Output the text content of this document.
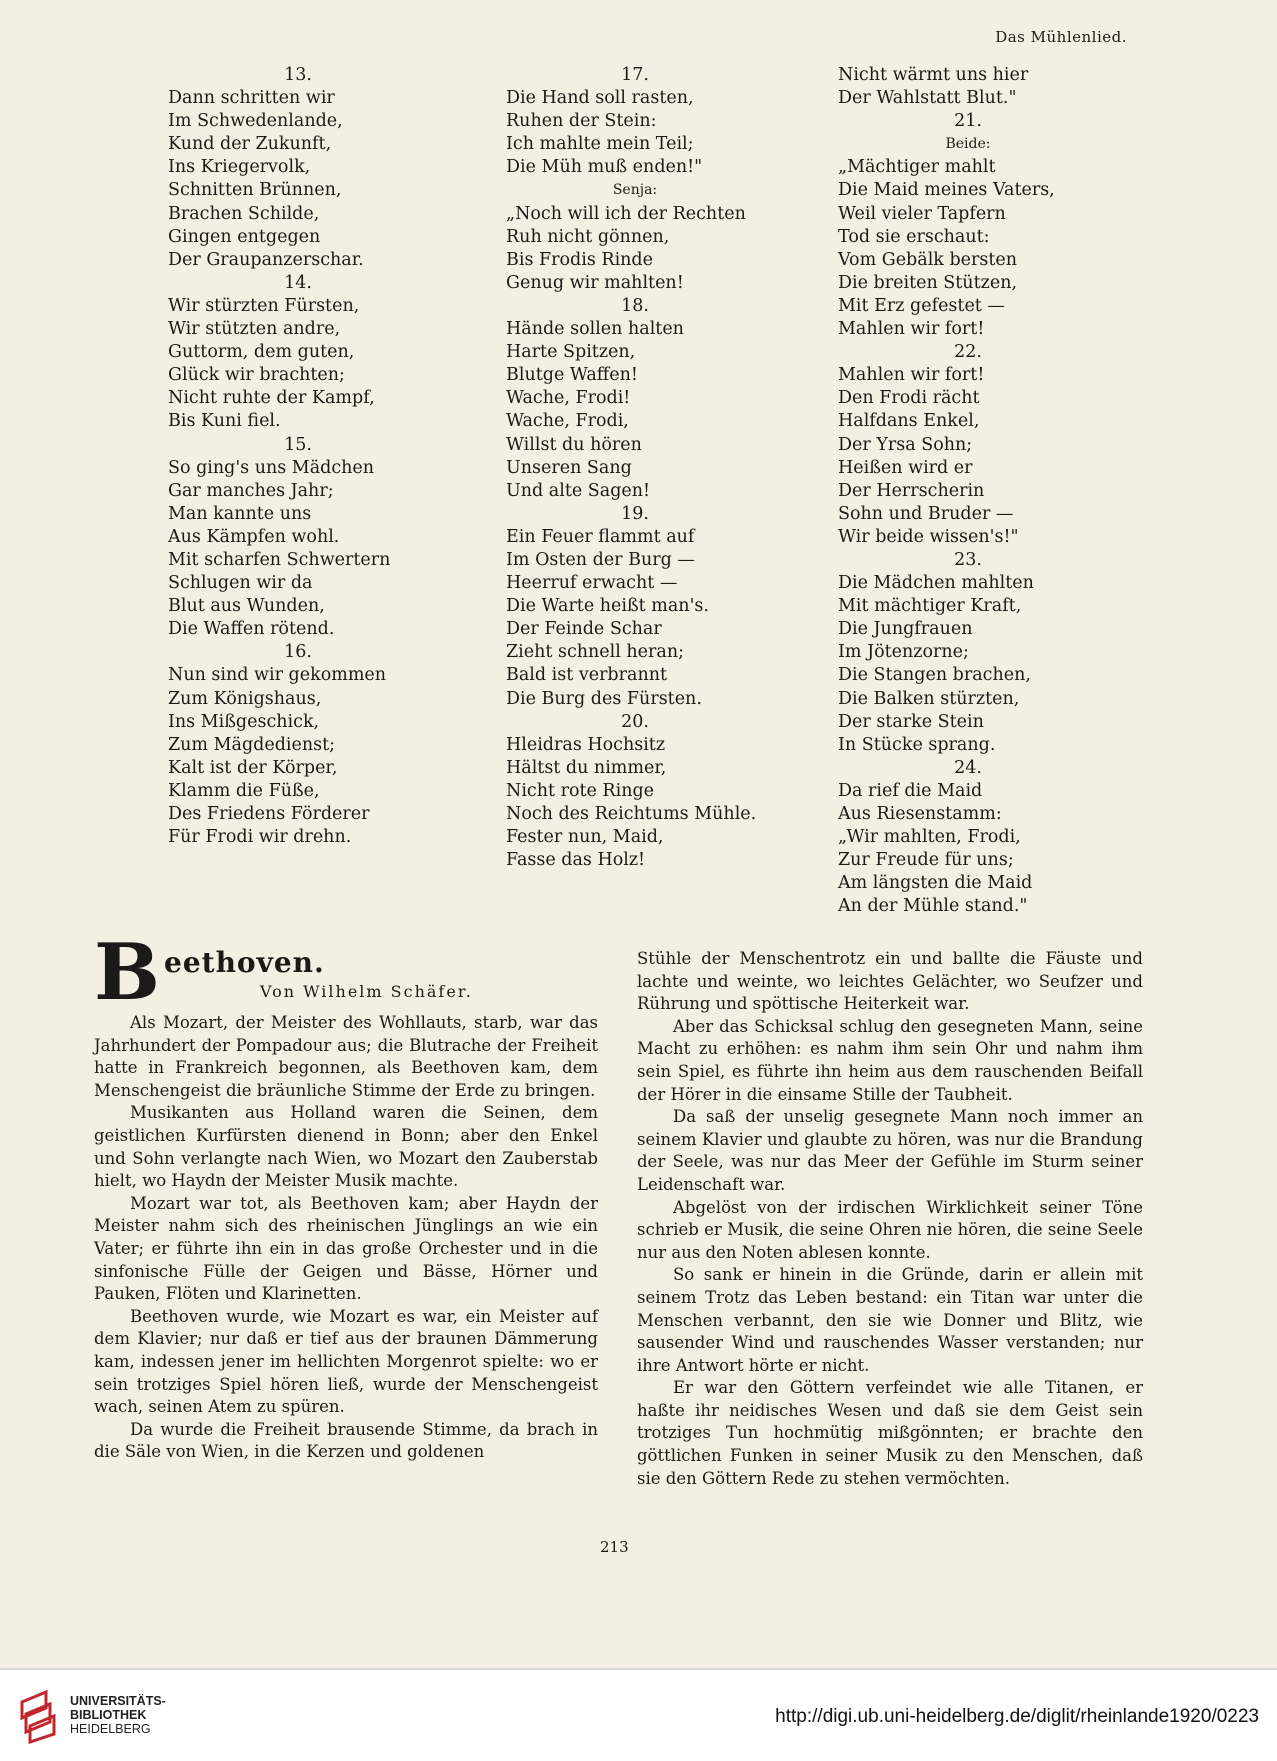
Das Mühlenlied.
13.
Dann schritten wir
Im Schwedenlande,
Kund der Zukunft,
Ins Kriegervolk,
Schnitten Brünnen,
Brachen Schilde,
Gingen entgegen
Der Graupanzerschar.
14.
Wir stürzten Fürsten,
Wir stützten andre,
Guttorm, dem guten,
Glück wir brachten;
Nicht ruhte der Kampf,
Bis Kuni fiel.
15.
So ging's uns Mädchen
Gar manches Jahr;
Man kannte uns
Aus Kämpfen wohl.
Mit scharfen Schwertern
Schlugen wir da
Blut aus Wunden,
Die Waffen rötend.
16.
Nun sind wir gekommen
Zum Königshaus,
Ins Mißgeschick,
Zum Mägdedienst;
Kalt ist der Körper,
Klamm die Füße,
Des Friedens Förderer
Für Frodi wir drehn.
17.
Die Hand soll rasten,
Ruhen der Stein:
Ich mahlte mein Teil;
Die Müh muß enden!"
Senja:
„Noch will ich der Rechten
Ruh nicht gönnen,
Bis Frodis Rinde
Genug wir mahlten!
18.
Hände sollen halten
Harte Spitzen,
Blutge Waffen!
Wache, Frodi!
Wache, Frodi,
Willst du hören
Unseren Sang
Und alte Sagen!
19.
Ein Feuer flammt auf
Im Osten der Burg —
Heerruf erwacht —
Die Warte heißt man's.
Der Feinde Schar
Zieht schnell heran;
Bald ist verbrannt
Die Burg des Fürsten.
20.
Hleidras Hochsitz
Hältst du nimmer,
Nicht rote Ringe
Noch des Reichtums Mühle.
Fester nun, Maid,
Fasse das Holz!
Nicht wärmt uns hier
Der Wahlstatt Blut."
21.
Beide:
„Mächtiger mahlt
Die Maid meines Vaters,
Weil vieler Tapfern
Tod sie erschaut:
Vom Gebälk bersten
Die breiten Stützen,
Mit Erz gefestet —
Mahlen wir fort!
22.
Mahlen wir fort!
Den Frodi rächt
Halfdans Enkel,
Der Yrsa Sohn;
Heißen wird er
Der Herrscherin
Sohn und Bruder —
Wir beide wissen's!"
23.
Die Mädchen mahlten
Mit mächtiger Kraft,
Die Jungfrauen
Im Jötenzorne;
Die Stangen brachen,
Die Balken stürzten,
Der starke Stein
In Stücke sprang.
24.
Da rief die Maid
Aus Riesenstamm:
„Wir mahlten, Frodi,
Zur Freude für uns;
Am längsten die Maid
An der Mühle stand."
B eethoven.
Von Wilhelm Schäfer.

Als Mozart, der Meister des Wohllauts, starb, war das Jahrhundert der Pompadour aus; die Blutrache der Freiheit hatte in Frankreich begonnen, als Beethoven kam, dem Menschengeist die bräunliche Stimme der Erde zu bringen.

Musikanten aus Holland waren die Seinen, dem geistlichen Kurfürsten dienend in Bonn; aber den Enkel und Sohn verlangte nach Wien, wo Mozart den Zauberstab hielt, wo Haydn der Meister Musik machte.

Mozart war tot, als Beethoven kam; aber Haydn der Meister nahm sich des rheinischen Jünglings an wie ein Vater; er führte ihn ein in das große Orchester und in die sinfonische Fülle der Geigen und Bässe, Hörner und Pauken, Flöten und Klarinetten.

Beethoven wurde, wie Mozart es war, ein Meister auf dem Klavier; nur daß er tief aus der braunen Dämmerung kam, indessen jener im hellichten Morgenrot spielte: wo er sein trotziges Spiel hören ließ, wurde der Menschengeist wach, seinen Atem zu spüren.

Da wurde die Freiheit brausende Stimme, da brach in die Säle von Wien, in die Kerzen und goldenen

Stühle der Menschentrotz ein und ballte die Fäuste und lachte und weinte, wo leichtes Gelächter, wo Seufzer und Rührung und spöttische Heiterkeit war.

Aber das Schicksal schlug den gesegneten Mann, seine Macht zu erhöhen: es nahm ihm sein Ohr und nahm ihm sein Spiel, es führte ihn heim aus dem rauschenden Beifall der Hörer in die einsame Stille der Taubheit.

Da saß der unselig gesegnete Mann noch immer an seinem Klavier und glaubte zu hören, was nur die Brandung der Seele, was nur das Meer der Gefühle im Sturm seiner Leidenschaft war.

Abgelöst von der irdischen Wirklichkeit seiner Töne schrieb er Musik, die seine Ohren nie hören, die seine Seele nur aus den Noten ablesen konnte.

So sank er hinein in die Gründe, darin er allein mit seinem Trotz das Leben bestand: ein Titan war unter die Menschen verbannt, den sie wie Donner und Blitz, wie sausender Wind und rauschendes Wasser verstanden; nur ihre Antwort hörte er nicht.

Er war den Göttern verfeindet wie alle Titanen, er haßte ihr neidisches Wesen und daß sie dem Geist sein trotziges Tun hochmütig mißgönnten; er brachte den göttlichen Funken in seiner Musik zu den Menschen, daß sie den Göttern Rede zu stehen vermöchten.

213
UNIVERSITÄTS-
BIBLIOTHEK
HEIDELBERG
http://digi.ub.uni-heidelberg.de/diglit/rheinlande1920/0223
